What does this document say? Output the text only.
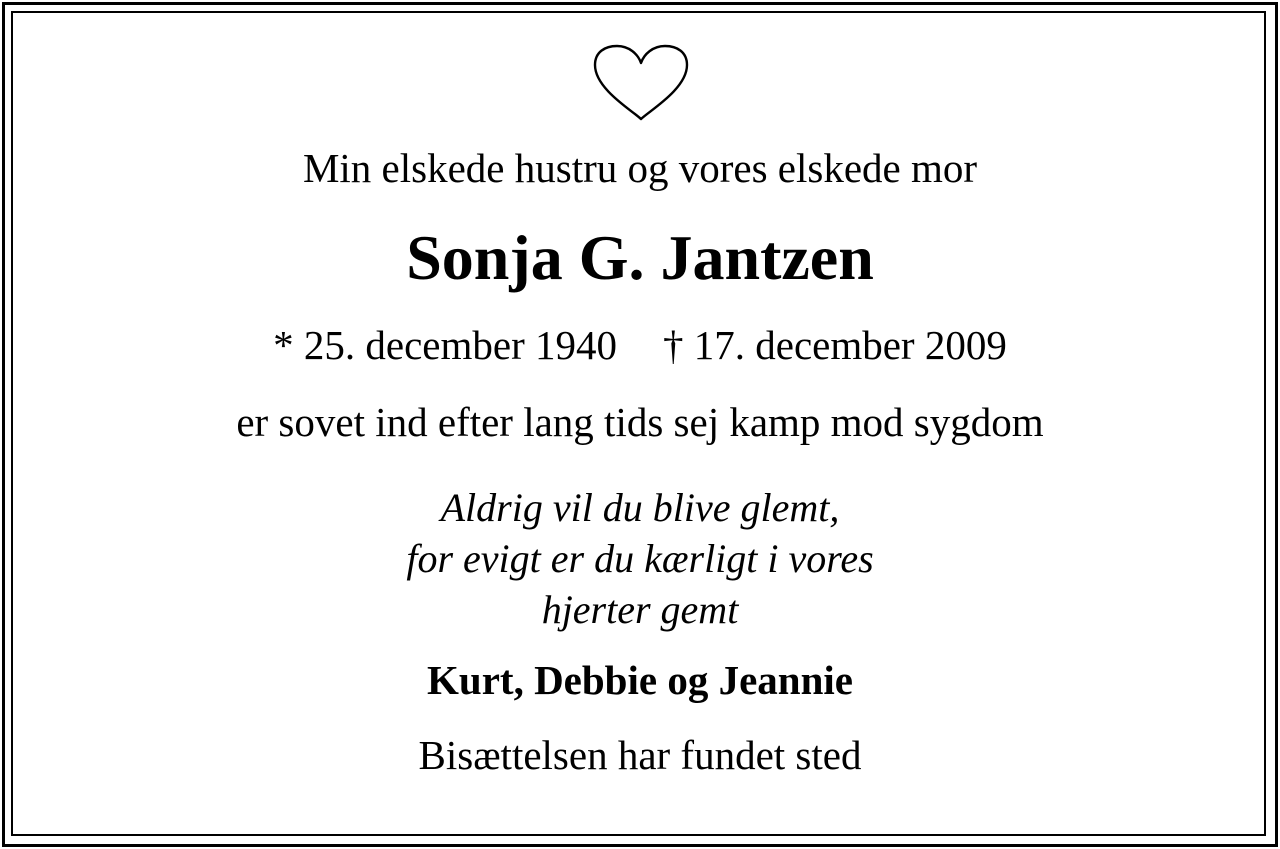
Min elskede hustru og vores elskede mor
Sonja G. Jantzen
* 25. december 1940 † 17. december 2009
er sovet ind efter lang tids sej kamp mod sygdom
Aldrig vil du blive glemt,
for evigt er du kærligt i vores
hjerter gemt
Kurt, Debbie og Jeannie
Bisættelsen har fundet sted
